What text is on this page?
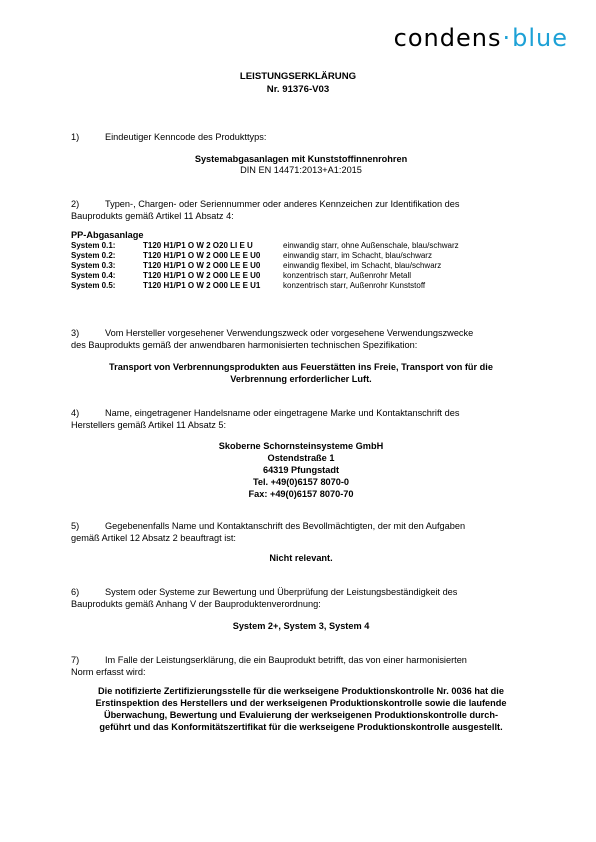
condens·blue
LEISTUNGSERKLÄRUNG
Nr. 91376-V03
1)	Eindeutiger Kenncode des Produkttyps:
Systemabgasanlagen mit Kunststoffinnenrohren
DIN EN 14471:2013+A1:2015
2)	Typen-, Chargen- oder Seriennummer oder anderes Kennzeichen zur Identifikation des
Bauprodukts gemäß Artikel 11 Absatz 4:
PP-Abgasanlage
System 0.1:	T120 H1/P1 O W 2 O20 LI E U	einwandig starr, ohne Außenschale, blau/schwarz
System 0.2:	T120 H1/P1 O W 2 O00 LE E U0	einwandig starr, im Schacht, blau/schwarz
System 0.3:	T120 H1/P1 O W 2 O00 LE E U0	einwandig flexibel, im Schacht, blau/schwarz
System 0.4:	T120 H1/P1 O W 2 O00 LE E U0	konzentrisch starr, Außenrohr Metall
System 0.5:	T120 H1/P1 O W 2 O00 LE E U1	konzentrisch starr, Außenrohr Kunststoff
3)	Vom Hersteller vorgesehener Verwendungszweck oder vorgesehene Verwendungszwecke
des Bauprodukts gemäß der anwendbaren harmonisierten technischen Spezifikation:
Transport von Verbrennungsprodukten aus Feuerstätten ins Freie, Transport von für die
Verbrennung erforderlicher Luft.
4)	Name, eingetragener Handelsname oder eingetragene Marke und Kontaktanschrift des
Herstellers gemäß Artikel 11 Absatz 5:
Skoberne Schornsteinsysteme GmbH
Ostendstraße 1
64319 Pfungstadt
Tel. +49(0)6157 8070-0
Fax: +49(0)6157 8070-70
5)	Gegebenenfalls Name und Kontaktanschrift des Bevollmächtigten, der mit den Aufgaben
gemäß Artikel 12 Absatz 2 beauftragt ist:
Nicht relevant.
6)	System oder Systeme zur Bewertung und Überprüfung der Leistungsbeständigkeit des
Bauprodukts gemäß Anhang V der Bauproduktenverordnung:
System 2+, System 3, System 4
7)	Im Falle der Leistungserklärung, die ein Bauprodukt betrifft, das von einer harmonisierten
Norm erfasst wird:
Die notifizierte Zertifizierungsstelle für die werkseigene Produktionskontrolle Nr. 0036 hat die
Erstinspektion des Herstellers und der werkseigenen Produktionskontrolle sowie die laufende
Überwachung, Bewertung und Evaluierung der werkseigenen Produktionskontrolle durch-
geführt und das Konformitätszertifikat für die werkseigene Produktionskontrolle ausgestellt.
